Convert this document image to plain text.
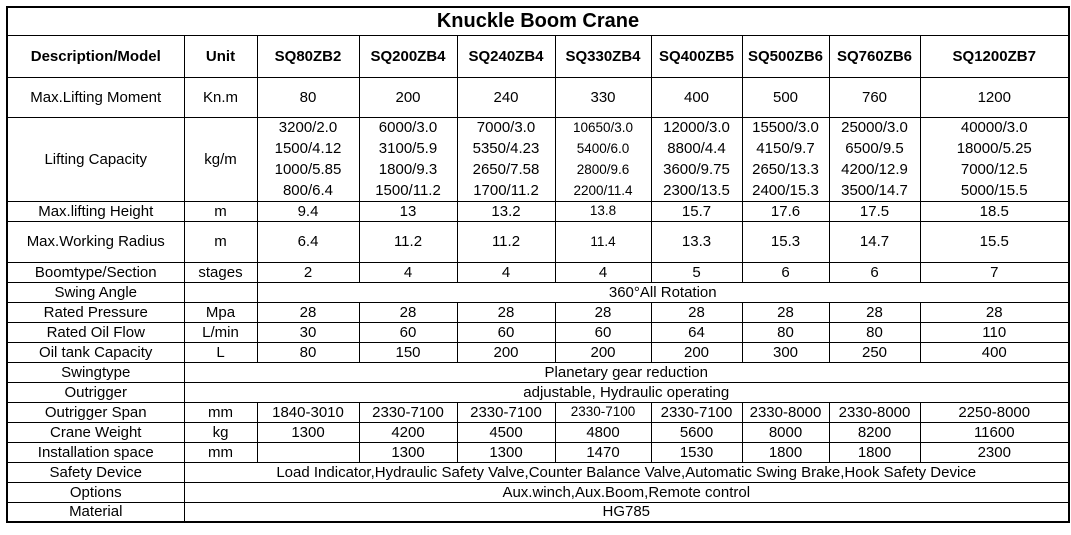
Knuckle Boom Crane									
Description/Model	Unit	SQ80ZB2	SQ200ZB4	SQ240ZB4	SQ330ZB4	SQ400ZB5	SQ500ZB6	SQ760ZB6	SQ1200ZB7
Max.Lifting Moment	Kn.m	80	200	240	330	400	500	760	1200
Lifting Capacity	kg/m	3200/2.0	6000/3.0	7000/3.0	10650/3.0	12000/3.0	15500/3.0	25000/3.0	40000/3.0
		1500/4.12	3100/5.9	5350/4.23	5400/6.0	8800/4.4	4150/9.7	6500/9.5	18000/5.25
		1000/5.85	1800/9.3	2650/7.58	2800/9.6	3600/9.75	2650/13.3	4200/12.9	7000/12.5
		800/6.4	1500/11.2	1700/11.2	2200/11.4	2300/13.5	2400/15.3	3500/14.7	5000/15.5
Max.lifting Height	m	9.4	13	13.2	13.8	15.7	17.6	17.5	18.5
Max.Working Radius	m	6.4	11.2	11.2	11.4	13.3	15.3	14.7	15.5
Boomtype/Section	stages	2	4	4	4	5	6	6	7
Swing Angle		360°All Rotation							
Rated Pressure	Mpa	28	28	28	28	28	28	28	28
Rated Oil Flow	L/min	30	60	60	60	64	80	80	110
Oil tank Capacity	L	80	150	200	200	200	300	250	400
Swingtype	Planetary gear reduction								
Outrigger	adjustable, Hydraulic operating								
Outrigger Span	mm	1840-3010	2330-7100	2330-7100	2330-7100	2330-7100	2330-8000	2330-8000	2250-8000
Crane Weight	kg	1300	4200	4500	4800	5600	8000	8200	11600
Installation space	mm		1300	1300	1470	1530	1800	1800	2300
Safety Device	Load Indicator,Hydraulic Safety Valve,Counter Balance Valve,Automatic Swing Brake,Hook Safety Device								
Options	Aux.winch,Aux.Boom,Remote control								
Material	HG785								
